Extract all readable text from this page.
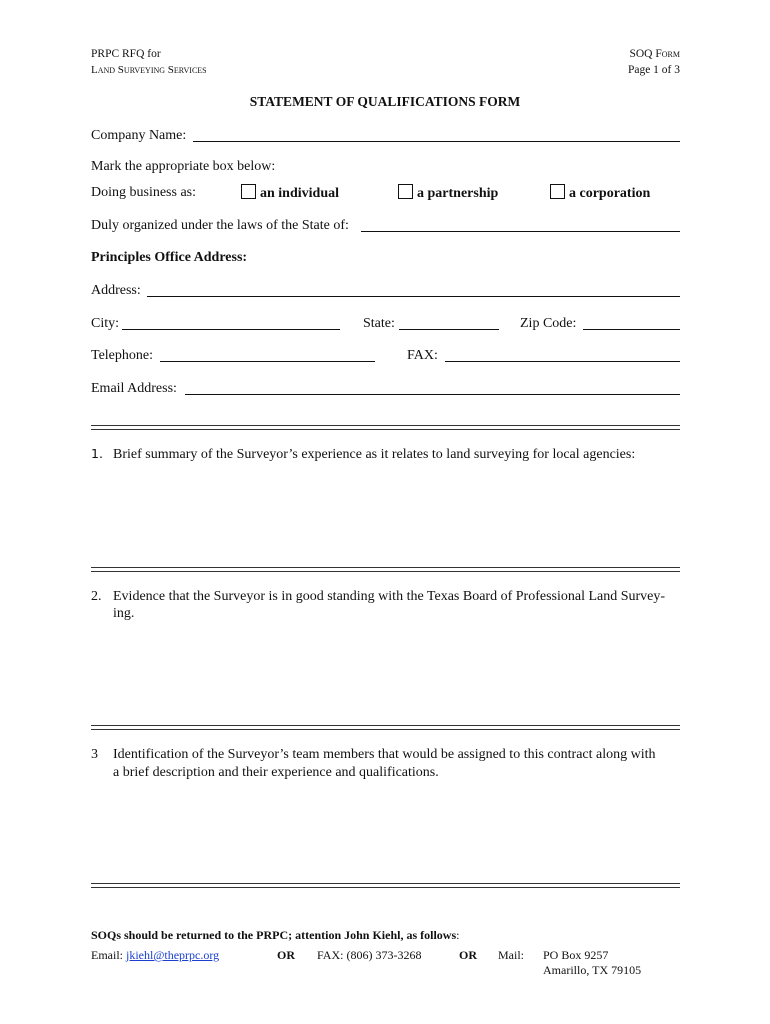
PRPC RFQ for
Land Surveying Services
SOQ Form
Page 1 of 3
STATEMENT OF QUALIFICATIONS FORM
Company Name:
Mark the appropriate box below:
Doing business as:	an individual	a partnership	a corporation
Duly organized under the laws of the State of:
Principles Office Address:
Address:
City:	State:	Zip Code:
Telephone:	FAX:
Email Address:
1. Brief summary of the Surveyor’s experience as it relates to land surveying for local agencies:
2. Evidence that the Surveyor is in good standing with the Texas Board of Professional Land Survey-
ing.
3 Identification of the Surveyor’s team members that would be assigned to this contract along with
a brief description and their experience and qualifications.
SOQs should be returned to the PRPC; attention John Kiehl, as follows:
Email: jkiehl@theprpc.org	OR FAX: (806) 373-3268	OR Mail: PO Box 9257
Amarillo, TX 79105
